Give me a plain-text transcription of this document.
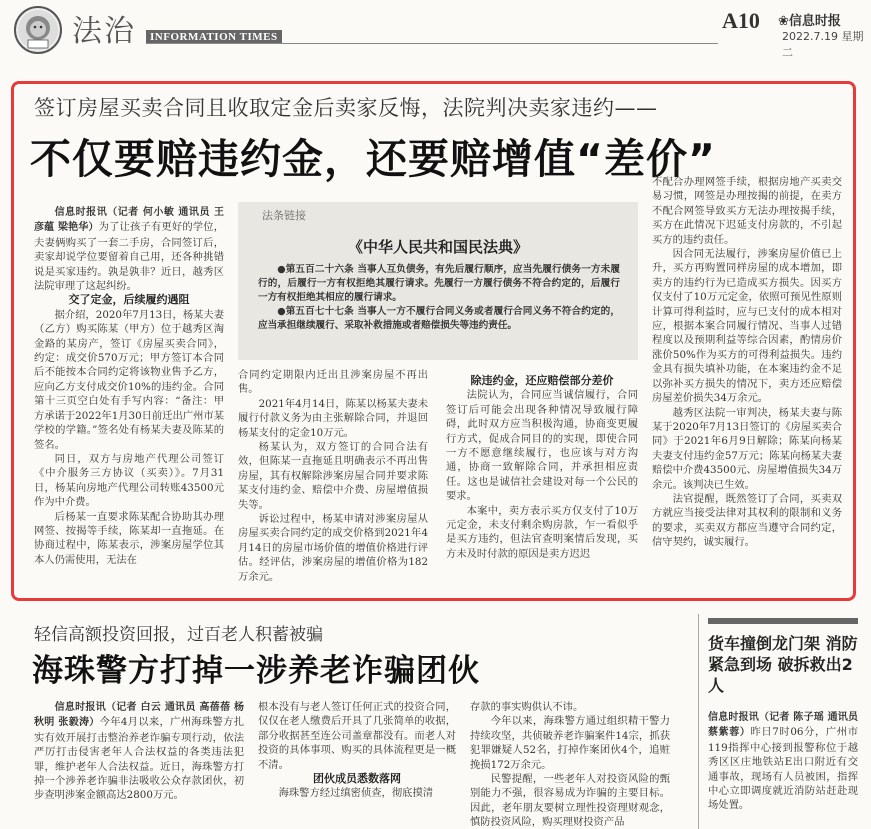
法治	INFORMATION TIMES
A10 ❀信息时报
2022.7.19 星期二
签订房屋买卖合同且收取定金后卖家反悔，法院判决卖家违约——
不仅要赔违约金，还要赔增值“差价”

信息时报讯（记者 何小敏 通讯员 王彦蕴 梁艳华）为了让孩子有更好的学位，夫妻俩购买了一套二手房，合同签订后，卖家却说学位要留着自己用，还各种挑错说是买家违约。孰是孰非？近日，越秀区法院审理了这起纠纷。

交了定金，后续履约遇阻

据介绍，2020年7月13日，杨某夫妻（乙方）购买陈某（甲方）位于越秀区淘金路的某房产，签订《房屋买卖合同》，约定：成交价570万元；甲方签订本合同后不能按本合同约定将该物业售予乙方，应向乙方支付成交价10%的违约金。合同第十三页空白处有手写内容：“备注：甲方承诺于2022年1月30日前迁出广州市某学校的学籍。”签名处有杨某夫妻及陈某的签名。

同日，双方与房地产代理公司签订《中介服务三方协议（买卖）》。7月31日，杨某向房地产代理公司转账43500元作为中介费。

后杨某一直要求陈某配合协助其办理网签、按揭等手续，陈某却一直拖延。在协商过程中，陈某表示，涉案房屋学位其本人仍需使用，无法在

法条链接
《中华人民共和国民法典》

●第五百二十六条 当事人互负债务，有先后履行顺序，应当先履行债务一方未履行的，后履行一方有权拒绝其履行请求。先履行一方履行债务不符合约定的，后履行一方有权拒绝其相应的履行请求。

●第五百七十七条 当事人一方不履行合同义务或者履行合同义务不符合约定的，应当承担继续履行、采取补救措施或者赔偿损失等违约责任。

合同约定期限内迁出且涉案房屋不再出售。

2021年4月14日，陈某以杨某夫妻未履行付款义务为由主张解除合同，并退回杨某支付的定金10万元。

杨某认为，双方签订的合同合法有效，但陈某一直拖延且明确表示不再出售房屋，其有权解除涉案房屋合同并要求陈某支付违约金、赔偿中介费、房屋增值损失等。

诉讼过程中，杨某申请对涉案房屋从房屋买卖合同约定的成交价格到2021年4月14日的房屋市场价值的增值价格进行评估。经评估，涉案房屋的增值价格为182万余元。

除违约金，还应赔偿部分差价

法院认为，合同应当诚信履行，合同签订后可能会出现各种情况导致履行障碍，此时双方应当积极沟通，协商变更履行方式，促成合同目的的实现，即使合同一方不愿意继续履行，也应该与对方沟通，协商一致解除合同，并承担相应责任。这也是诚信社会建设对每一个公民的要求。

本案中，卖方表示买方仅支付了10万元定金，未支付剩余购房款，乍一看似乎是买方违约，但法官查明案情后发现，买方未及时付款的原因是卖方迟迟

不配合办理网签手续，根据房地产买卖交易习惯，网签是办理按揭的前提，在卖方不配合网签导致买方无法办理按揭手续，买方在此情况下迟延支付房款的，不引起买方的违约责任。

因合同无法履行，涉案房屋价值已上升，买方再购置同样房屋的成本增加，即卖方的违约行为已造成买方损失。因买方仅支付了10万元定金，依照可预见性原则计算可得利益时，应与已支付的成本相对应，根据本案合同履行情况、当事人过错程度以及预期利益等综合因素，酌情房价涨价50%作为买方的可得利益损失。违约金具有损失填补功能，在本案违约金不足以弥补买方损失的情况下，卖方还应赔偿房屋差价损失34万余元。

越秀区法院一审判决，杨某夫妻与陈某于2020年7月13日签订的《房屋买卖合同》于2021年6月9日解除；陈某向杨某夫妻支付违约金57万元；陈某向杨某夫妻赔偿中介费43500元、房屋增值损失34万余元。该判决已生效。

法官提醒，既然签订了合同，买卖双方就应当接受法律对其权利的限制和义务的要求，买卖双方都应当遵守合同约定，信守契约，诚实履行。

轻信高额投资回报，过百老人积蓄被骗
海珠警方打掉一涉养老诈骗团伙

信息时报讯（记者 白云 通讯员 高蓓蓓 杨秋明 张毅涛）今年4月以来，广州海珠警方扎实有效开展打击整治养老诈骗专项行动，依法严厉打击侵害老年人合法权益的各类违法犯罪，维护老年人合法权益。近日，海珠警方打掉一个涉养老诈骗非法吸收公众存款团伙，初步查明涉案金额高达2800万元。

根本没有与老人签订任何正式的投资合同，仅仅在老人缴费后开具了几张简单的收据，部分收据甚至连公司盖章都没有。而老人对投资的具体事项、购买的具体流程更是一概不清。

团伙成员悉数落网

海珠警方经过缜密侦查，彻底摸清

存款的事实购供认不讳。

今年以来，海珠警方通过组织精干警力持续攻坚，共侦破养老诈骗案件14宗，抓获犯罪嫌疑人52名，打掉作案团伙4个，追赃挽损172万余元。

民警提醒，一些老年人对投资风险的甄别能力不强，很容易成为诈骗的主要目标。因此，老年朋友要树立理性投资理财观念，慎防投资风险，购买理财投资产品

货车撞倒龙门架 消防紧急到场 破拆救出2人

信息时报讯（记者 陈子瑶 通讯员 蔡紫蓉）昨日7时06分，广州市119指挥中心接到报警称位于越秀区区庄地铁站E出口附近有交通事故，现场有人员被困，指挥中心立即调度就近消防站赶赴现场处置。
